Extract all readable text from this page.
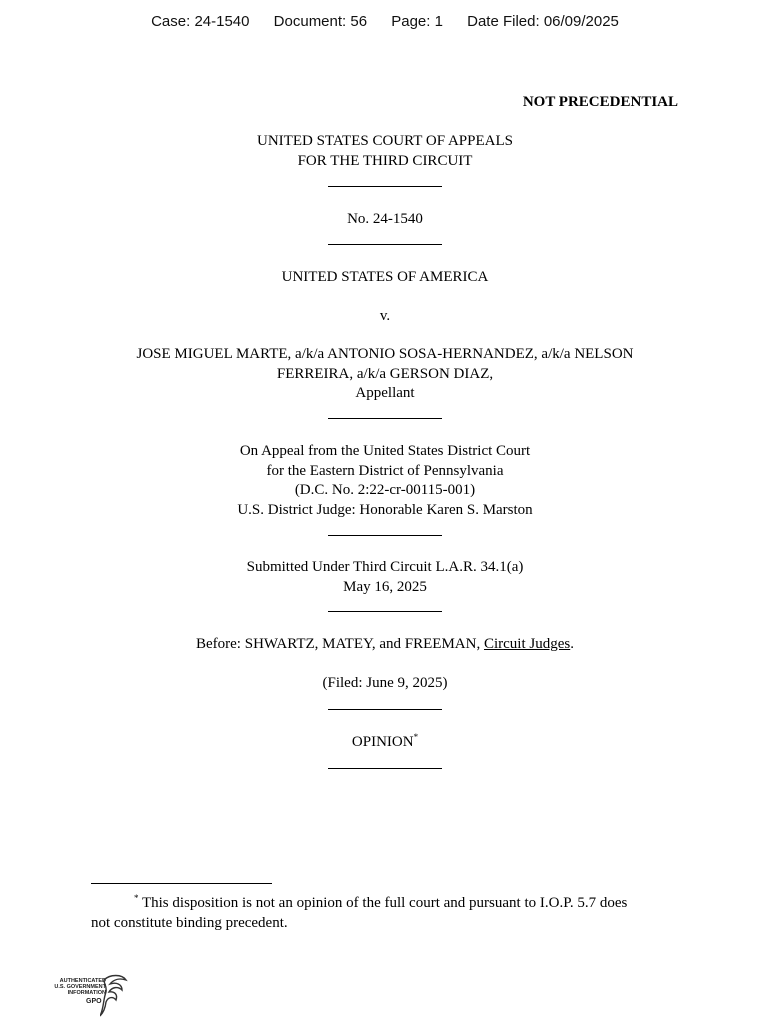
Case: 24-1540 Document: 56 Page: 1 Date Filed: 06/09/2025
NOT PRECEDENTIAL
UNITED STATES COURT OF APPEALS
FOR THE THIRD CIRCUIT
No. 24-1540
UNITED STATES OF AMERICA
v.
JOSE MIGUEL MARTE, a/k/a ANTONIO SOSA-HERNANDEZ, a/k/a NELSON
FERREIRA, a/k/a GERSON DIAZ,
Appellant
On Appeal from the United States District Court
for the Eastern District of Pennsylvania
(D.C. No. 2:22-cr-00115-001)
U.S. District Judge: Honorable Karen S. Marston
Submitted Under Third Circuit L.A.R. 34.1(a)
May 16, 2025
Before: SHWARTZ, MATEY, and FREEMAN, Circuit Judges.
(Filed: June 9, 2025)
OPINION*
* This disposition is not an opinion of the full court and pursuant to I.O.P. 5.7 does
not constitute binding precedent.
AUTHENTICATED
U.S. GOVERNMENT
INFORMATION
GPO
